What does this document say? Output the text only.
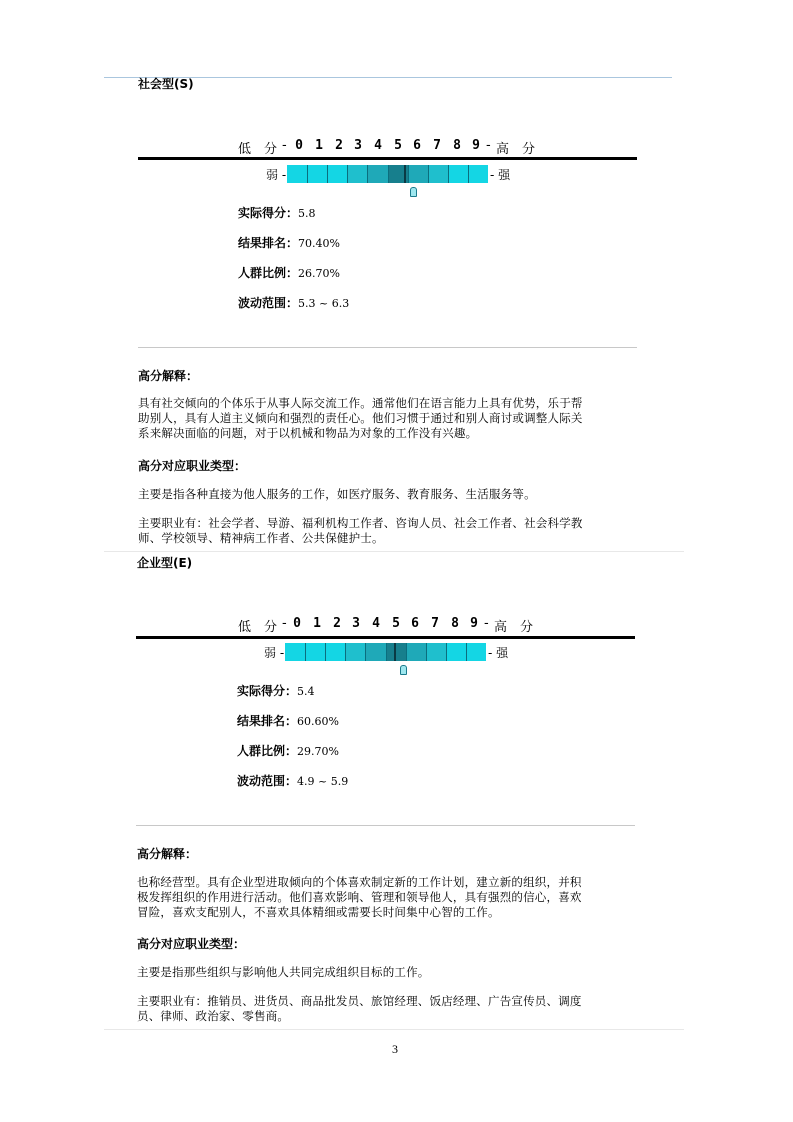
社会型(S)
低　分 - 0 1 2 3 4 5 6 7 8 9 - 高　分
弱 -	- 强
实际得分：5.8
结果排名：70.40%
人群比例：26.70%
波动范围：5.3 ~ 6.3
高分解释：
具有社交倾向的个体乐于从事人际交流工作。通常他们在语言能力上具有优势，乐于帮
助别人，具有人道主义倾向和强烈的责任心。他们习惯于通过和别人商讨或调整人际关
系来解决面临的问题，对于以机械和物品为对象的工作没有兴趣。
高分对应职业类型：
主要是指各种直接为他人服务的工作，如医疗服务、教育服务、生活服务等。
主要职业有：社会学者、导游、福利机构工作者、咨询人员、社会工作者、社会科学教
师、学校领导、精神病工作者、公共保健护士。
企业型(E)
低　分 - 0 1 2 3 4 5 6 7 8 9 - 高　分
弱 -	- 强
实际得分：5.4
结果排名：60.60%
人群比例：29.70%
波动范围：4.9 ~ 5.9
高分解释：
也称经营型。具有企业型进取倾向的个体喜欢制定新的工作计划，建立新的组织，并积
极发挥组织的作用进行活动。他们喜欢影响、管理和领导他人，具有强烈的信心，喜欢
冒险，喜欢支配别人，不喜欢具体精细或需要长时间集中心智的工作。
高分对应职业类型：
主要是指那些组织与影响他人共同完成组织目标的工作。
主要职业有：推销员、进货员、商品批发员、旅馆经理、饭店经理、广告宣传员、调度
员、律师、政治家、零售商。
3
